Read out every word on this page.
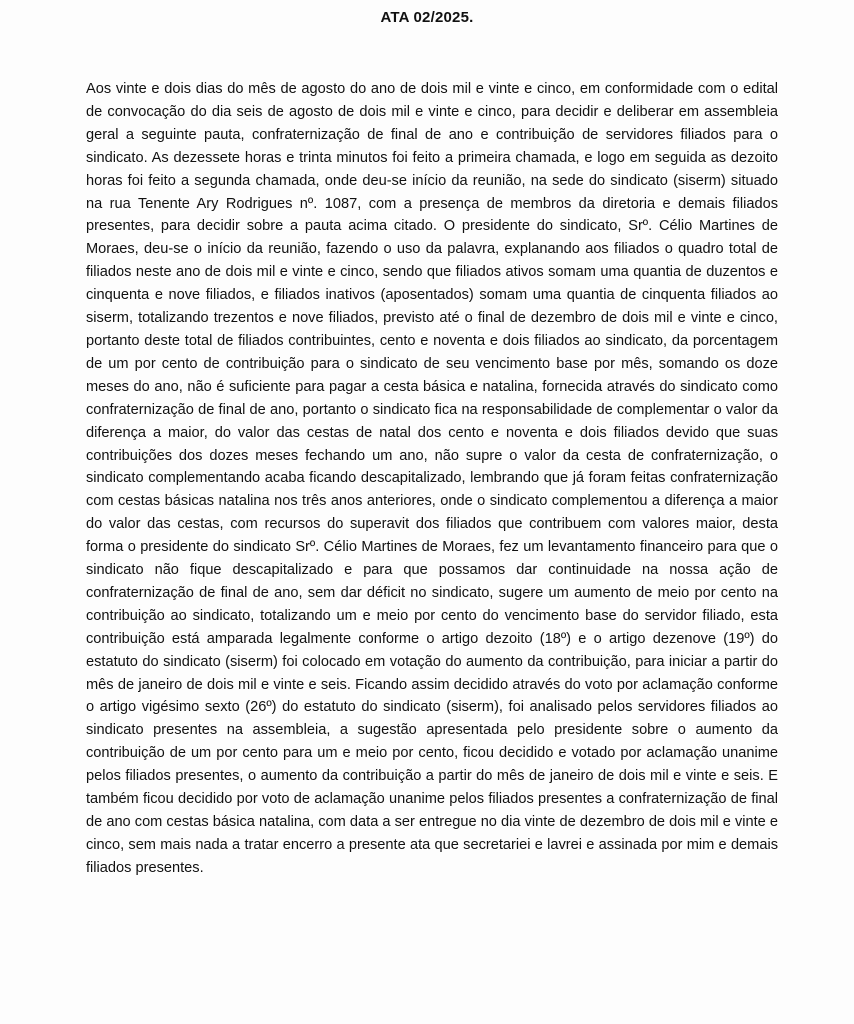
ATA 02/2025.

Aos vinte e dois dias do mês de agosto do ano de dois mil e vinte e cinco, em conformidade com o edital de convocação do dia seis de agosto de dois mil e vinte e cinco, para decidir e deliberar em assembleia geral a seguinte pauta, confraternização de final de ano e contribuição de servidores filiados para o sindicato. As dezessete horas e trinta minutos foi feito a primeira chamada, e logo em seguida as dezoito horas foi feito a segunda chamada, onde deu-se início da reunião, na sede do sindicato (siserm) situado na rua Tenente Ary Rodrigues nº. 1087, com a presença de membros da diretoria e demais filiados presentes, para decidir sobre a pauta acima citado. O presidente do sindicato, Srº. Célio Martines de Moraes, deu-se o início da reunião, fazendo o uso da palavra, explanando aos filiados o quadro total de filiados neste ano de dois mil e vinte e cinco, sendo que filiados ativos somam uma quantia de duzentos e cinquenta e nove filiados, e filiados inativos (aposentados) somam uma quantia de cinquenta filiados ao siserm, totalizando trezentos e nove filiados, previsto até o final de dezembro de dois mil e vinte e cinco, portanto deste total de filiados contribuintes, cento e noventa e dois filiados ao sindicato, da porcentagem de um por cento de contribuição para o sindicato de seu vencimento base por mês, somando os doze meses do ano, não é suficiente para pagar a cesta básica e natalina, fornecida através do sindicato como confraternização de final de ano, portanto o sindicato fica na responsabilidade de complementar o valor da diferença a maior, do valor das cestas de natal dos cento e noventa e dois filiados devido que suas contribuições dos dozes meses fechando um ano, não supre o valor da cesta de confraternização, o sindicato complementando acaba ficando descapitalizado, lembrando que já foram feitas confraternização com cestas básicas natalina nos três anos anteriores, onde o sindicato complementou a diferença a maior do valor das cestas, com recursos do superavit dos filiados que contribuem com valores maior, desta forma o presidente do sindicato Srº. Célio Martines de Moraes, fez um levantamento financeiro para que o sindicato não fique descapitalizado e para que possamos dar continuidade na nossa ação de confraternização de final de ano, sem dar déficit no sindicato, sugere um aumento de meio por cento na contribuição ao sindicato, totalizando um e meio por cento do vencimento base do servidor filiado, esta contribuição está amparada legalmente conforme o artigo dezoito (18º) e o artigo dezenove (19º) do estatuto do sindicato (siserm) foi colocado em votação do aumento da contribuição, para iniciar a partir do mês de janeiro de dois mil e vinte e seis. Ficando assim decidido através do voto por aclamação conforme o artigo vigésimo sexto (26º) do estatuto do sindicato (siserm), foi analisado pelos servidores filiados ao sindicato presentes na assembleia, a sugestão apresentada pelo presidente sobre o aumento da contribuição de um por cento para um e meio por cento, ficou decidido e votado por aclamação unanime pelos filiados presentes, o aumento da contribuição a partir do mês de janeiro de dois mil e vinte e seis. E também ficou decidido por voto de aclamação unanime pelos filiados presentes a confraternização de final de ano com cestas básica natalina, com data a ser entregue no dia vinte de dezembro de dois mil e vinte e cinco, sem mais nada a tratar encerro a presente ata que secretariei e lavrei e assinada por mim e demais filiados presentes.
